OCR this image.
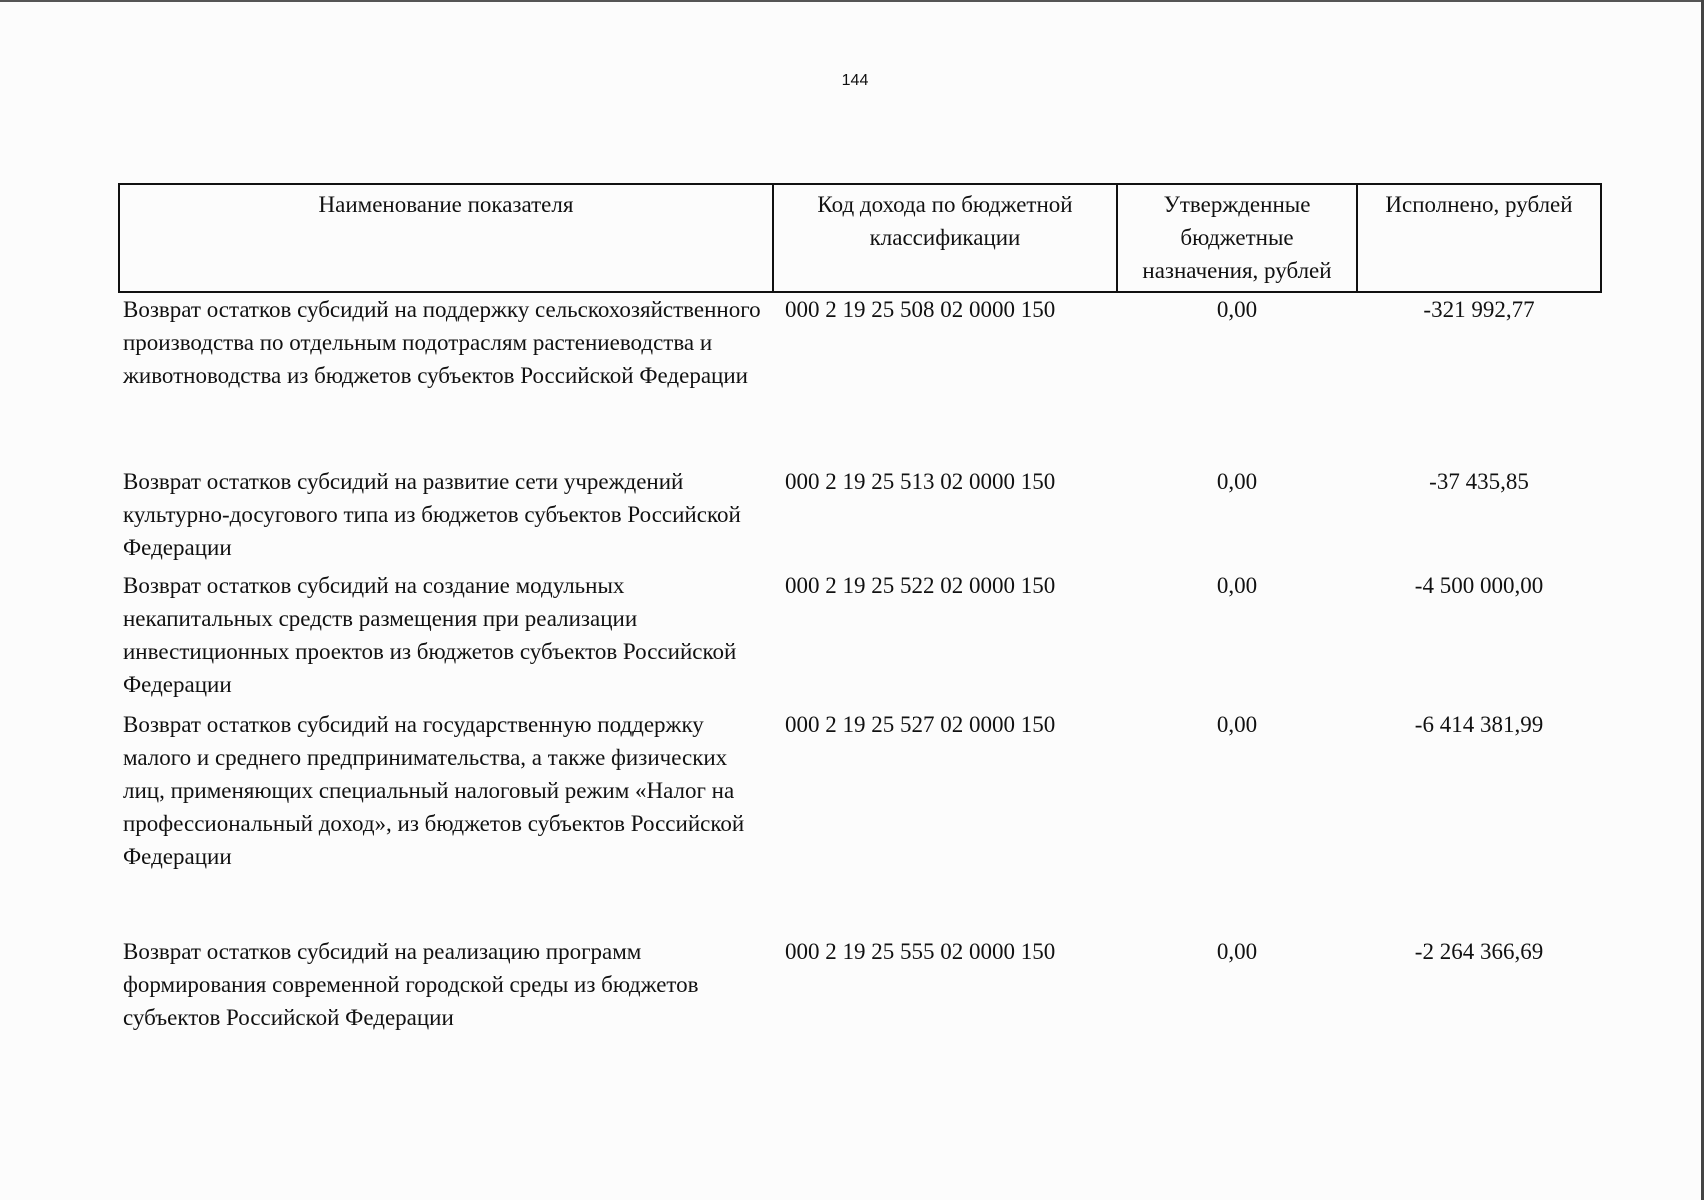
144
Наименование показателя	Код дохода по бюджетной классификации	Утвержденные бюджетные назначения, рублей	Исполнено, рублей
Возврат остатков субсидий на поддержку сельскохозяйственного производства по отдельным подотраслям растениеводства и животноводства из бюджетов субъектов Российской Федерации	000 2 19 25 508 02 0000 150	0,00	-321 992,77
Возврат остатков субсидий на развитие сети учреждений культурно-досугового типа из бюджетов субъектов Российской Федерации	000 2 19 25 513 02 0000 150	0,00	-37 435,85
Возврат остатков субсидий на создание модульных некапитальных средств размещения при реализации инвестиционных проектов из бюджетов субъектов Российской Федерации	000 2 19 25 522 02 0000 150	0,00	-4 500 000,00
Возврат остатков субсидий на государственную поддержку малого и среднего предпринимательства, а также физических лиц, применяющих специальный налоговый режим «Налог на профессиональный доход», из бюджетов субъектов Российской Федерации	000 2 19 25 527 02 0000 150	0,00	-6 414 381,99
Возврат остатков субсидий на реализацию программ формирования современной городской среды из бюджетов субъектов Российской Федерации	000 2 19 25 555 02 0000 150	0,00	-2 264 366,69
